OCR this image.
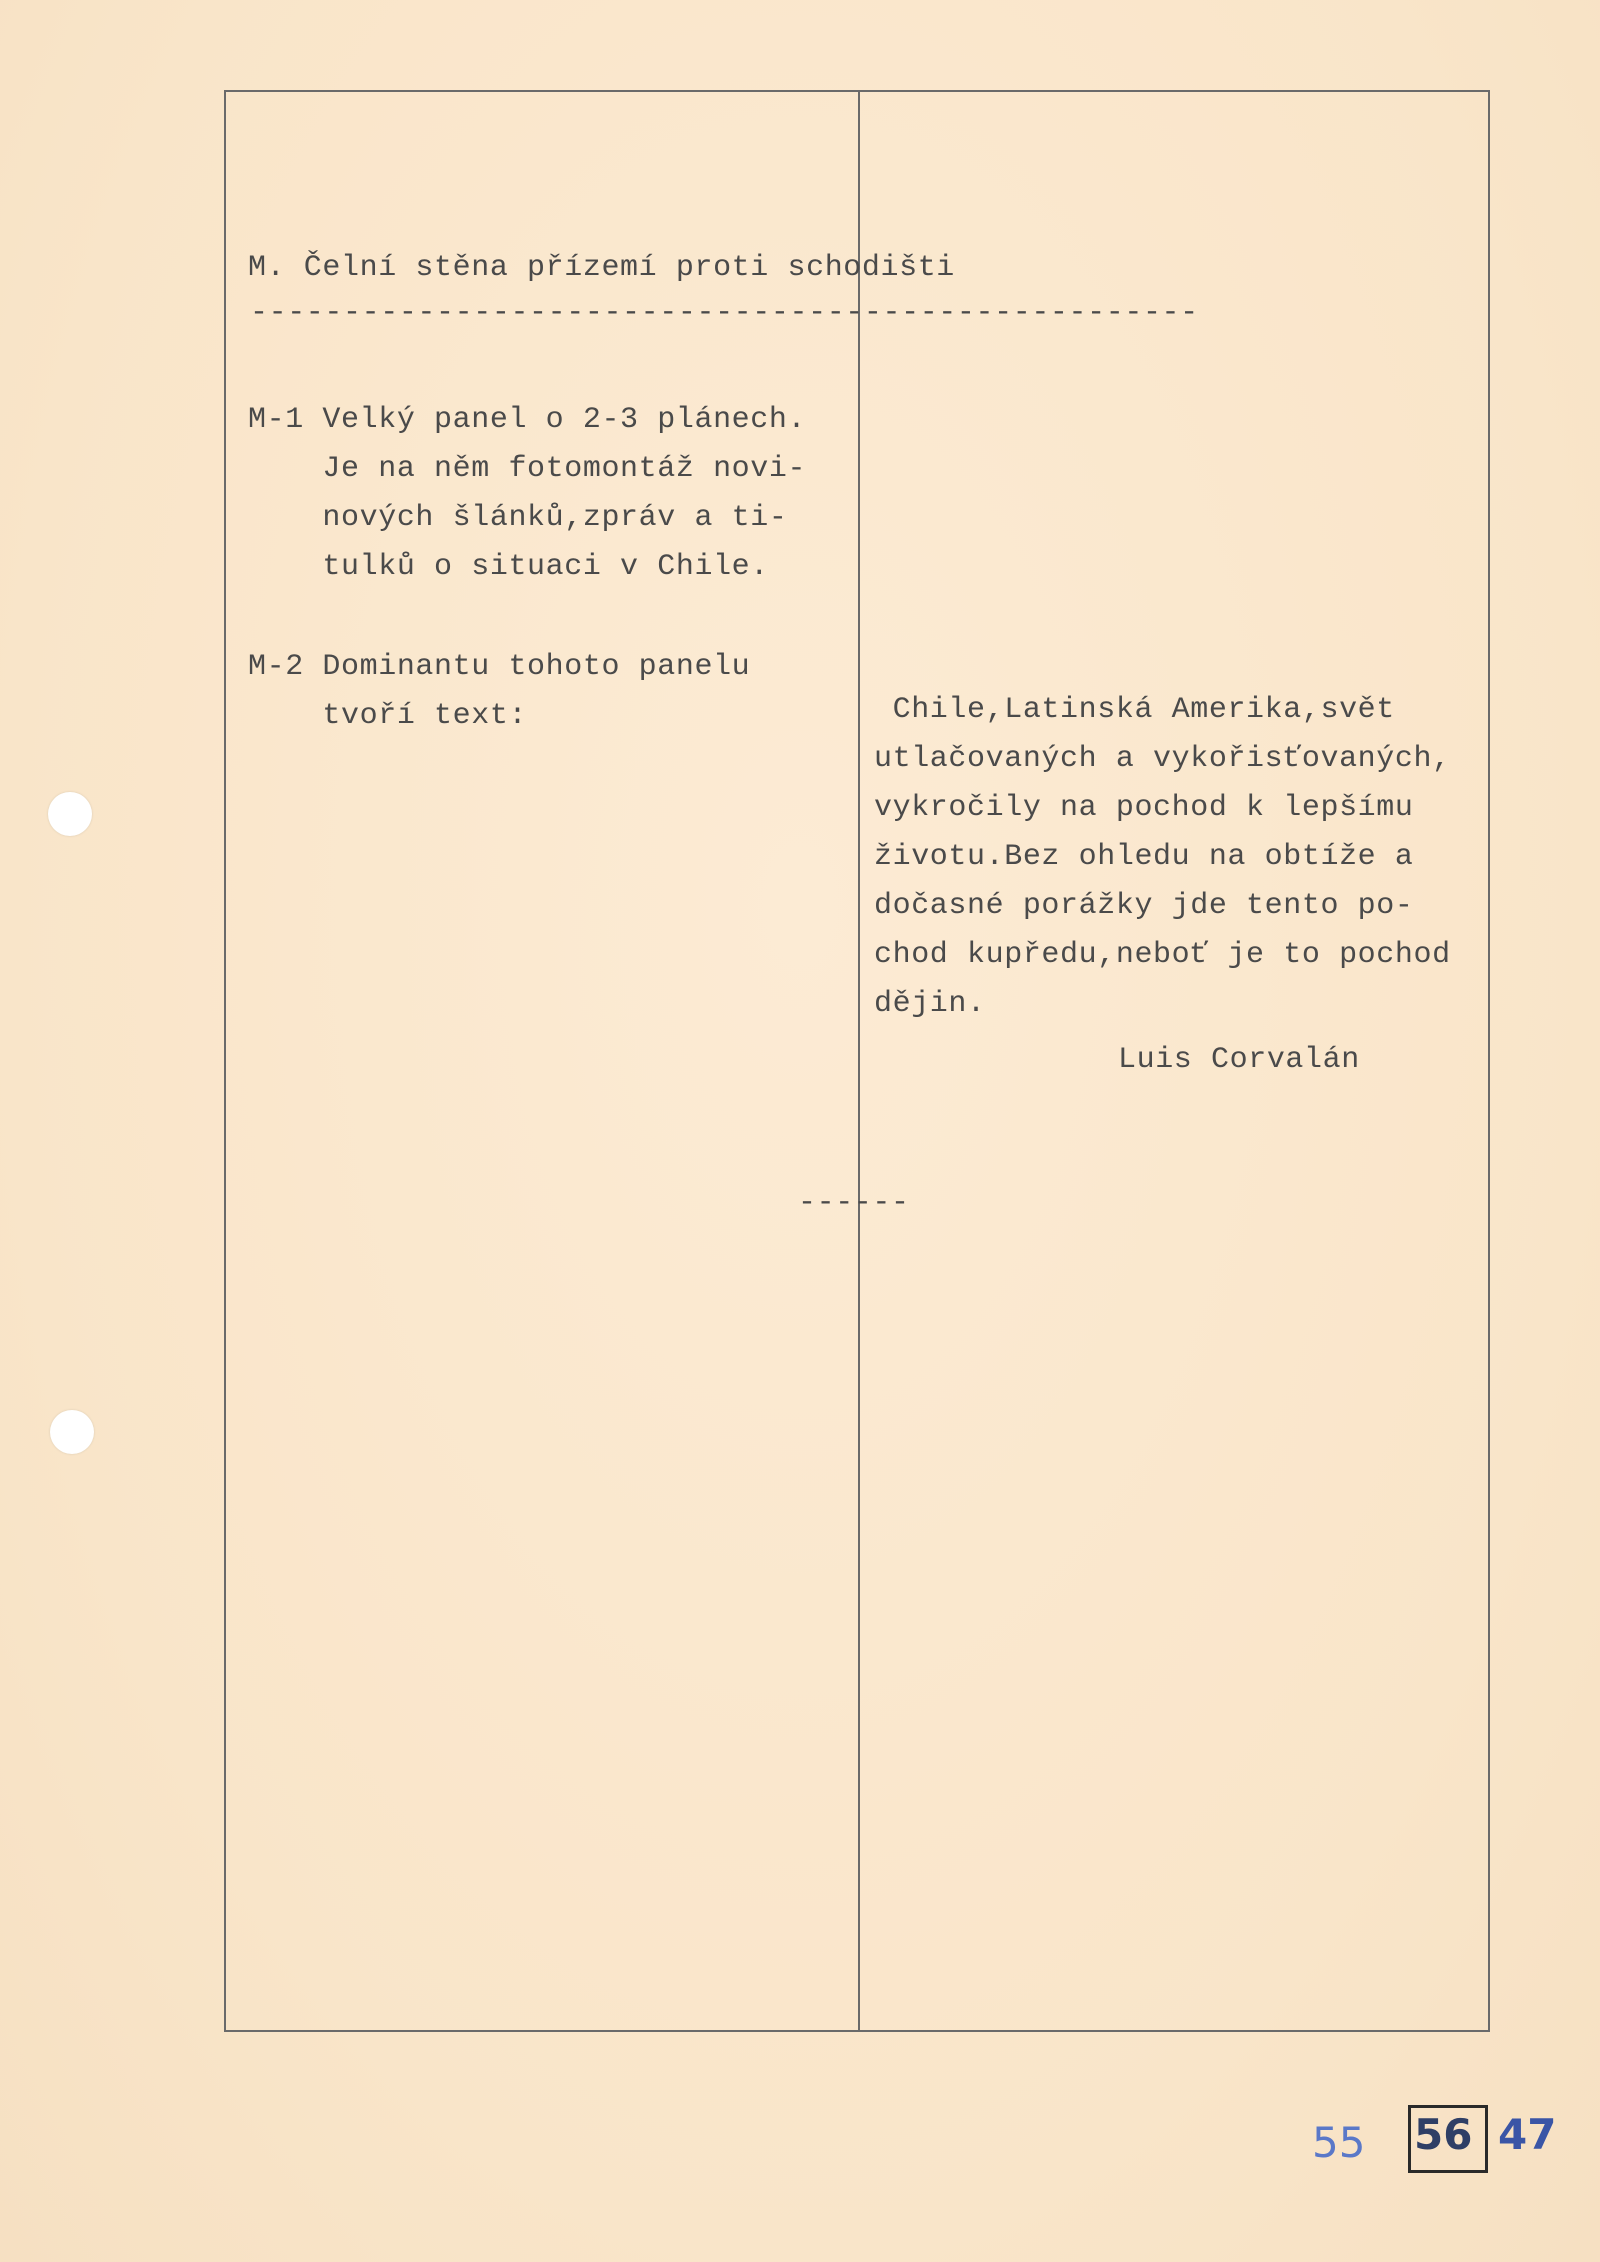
M. Čelní stěna přízemí proti schodišti
---------------------------------------------------
M-1 Velký panel o 2-3 plánech.
Je na něm fotomontáž novi-
nových šlánků,zpráv a ti-
tulků o situaci v Chile.
M-2 Dominantu tohoto panelu
tvoří text:	Chile,Latinská Amerika,svět
utlačovaných a vykořisťovaných,
vykročily na pochod k lepšímu
životu.Bez ohledu na obtíže a
dočasné porážky jde tento po-
chod kupředu,neboť je to pochod
dějin.
Luis Corvalán
------
55 56 47
